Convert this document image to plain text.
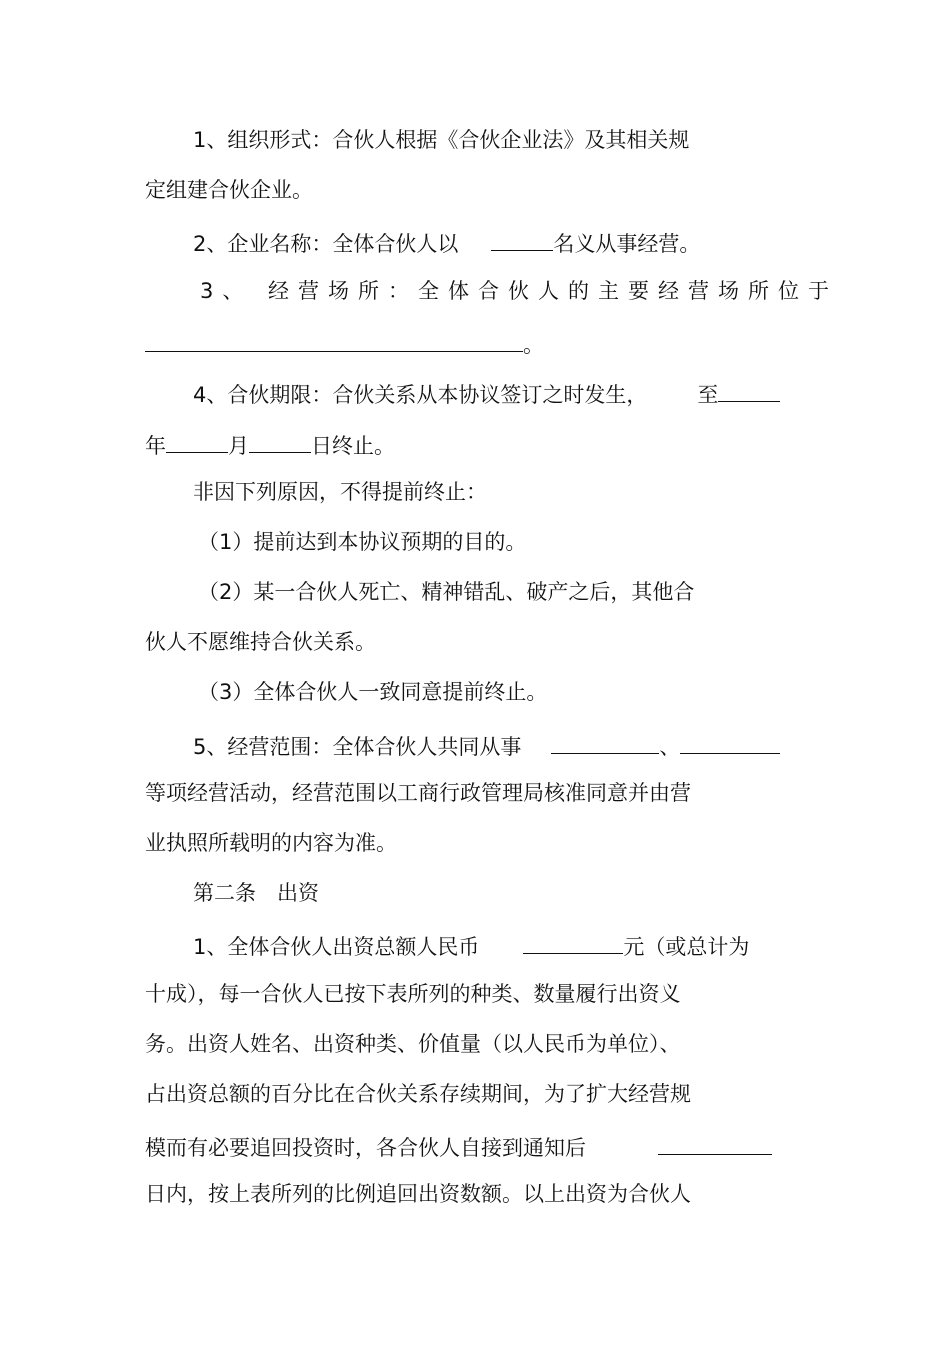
1、组织形式：合伙人根据《合伙企业法》及其相关规
定组建合伙企业。
2、企业名称：全体合伙人以	名义从事经营。
3、 经营场所：全体合伙人的主要经营场所位于
。
4、合伙期限：合伙关系从本协议签订之时发生， 至
年	月	日终止。
非因下列原因，不得提前终止：
（1）提前达到本协议预期的目的。
（2）某一合伙人死亡、精神错乱、破产之后，其他合
伙人不愿维持合伙关系。
（3）全体合伙人一致同意提前终止。
5、经营范围：全体合伙人共同从事	、
等项经营活动，经营范围以工商行政管理局核准同意并由营
业执照所载明的内容为准。
第二条　出资
1、全体合伙人出资总额人民币	元（或总计为
十成），每一合伙人已按下表所列的种类、数量履行出资义
务。出资人姓名、出资种类、价值量（以人民币为单位）、
占出资总额的百分比在合伙关系存续期间，为了扩大经营规
模而有必要追回投资时，各合伙人自接到通知后
日内，按上表所列的比例追回出资数额。以上出资为合伙人
